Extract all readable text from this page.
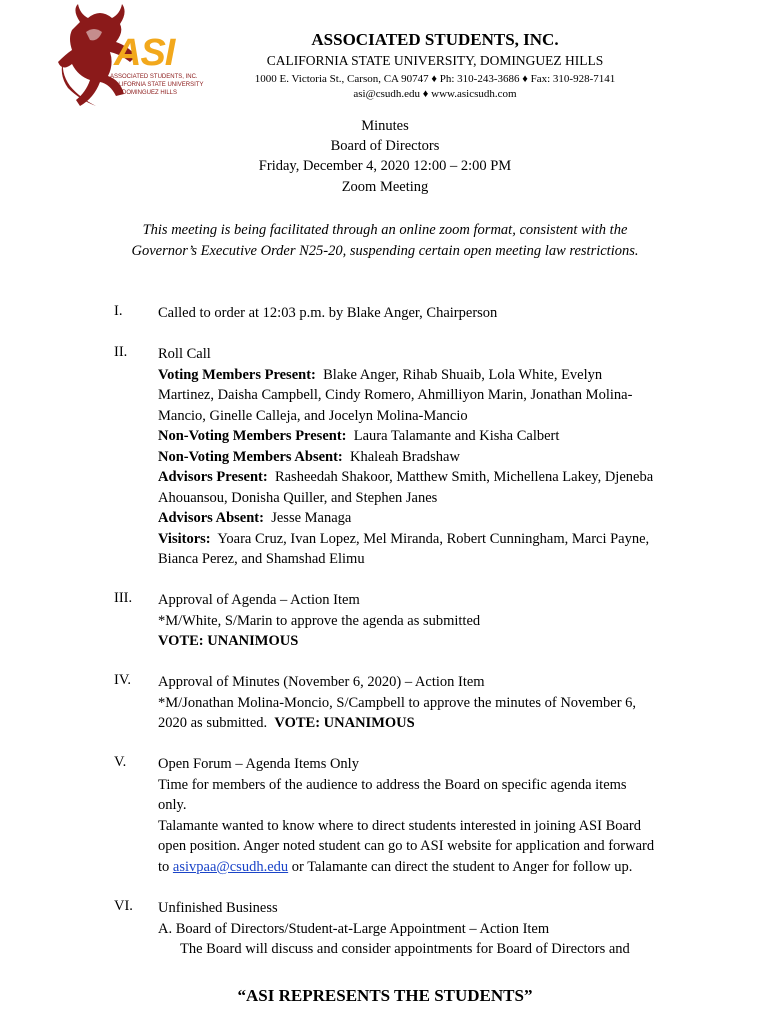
ASI
ASSOCIATED STUDENTS, INC.
CALIFORNIA STATE UNIVERSITY
DOMINGUEZ HILLS
ASSOCIATED STUDENTS, INC.
CALIFORNIA STATE UNIVERSITY, DOMINGUEZ HILLS
1000 E. Victoria St., Carson, CA 90747 ♦ Ph: 310-243-3686 ♦ Fax: 310-928-7141
asi@csudh.edu ♦ www.asicsudh.com
Minutes
Board of Directors
Friday, December 4, 2020 12:00 – 2:00 PM
Zoom Meeting
This meeting is being facilitated through an online zoom format, consistent with the
Governor’s Executive Order N25-20, suspending certain open meeting law restrictions.
I. Called to order at 12:03 p.m. by Blake Anger, Chairperson
II. Roll Call
Voting Members Present: Blake Anger, Rihab Shuaib, Lola White, Evelyn
Martinez, Daisha Campbell, Cindy Romero, Ahmilliyon Marin, Jonathan Molina-
Mancio, Ginelle Calleja, and Jocelyn Molina-Mancio
Non-Voting Members Present: Laura Talamante and Kisha Calbert
Non-Voting Members Absent: Khaleah Bradshaw
Advisors Present: Rasheedah Shakoor, Matthew Smith, Michellena Lakey, Djeneba
Ahouansou, Donisha Quiller, and Stephen Janes
Advisors Absent: Jesse Managa
Visitors: Yoara Cruz, Ivan Lopez, Mel Miranda, Robert Cunningham, Marci Payne,
Bianca Perez, and Shamshad Elimu
III. Approval of Agenda – Action Item
*M/White, S/Marin to approve the agenda as submitted
VOTE: UNANIMOUS
IV. Approval of Minutes (November 6, 2020) – Action Item
*M/Jonathan Molina-Moncio, S/Campbell to approve the minutes of November 6,
2020 as submitted. VOTE: UNANIMOUS
V. Open Forum – Agenda Items Only
Time for members of the audience to address the Board on specific agenda items
only.
Talamante wanted to know where to direct students interested in joining ASI Board
open position. Anger noted student can go to ASI website for application and forward
to asivpaa@csudh.edu or Talamante can direct the student to Anger for follow up.
VI. Unfinished Business
A. Board of Directors/Student-at-Large Appointment – Action Item
The Board will discuss and consider appointments for Board of Directors and
“ASI REPRESENTS THE STUDENTS”
